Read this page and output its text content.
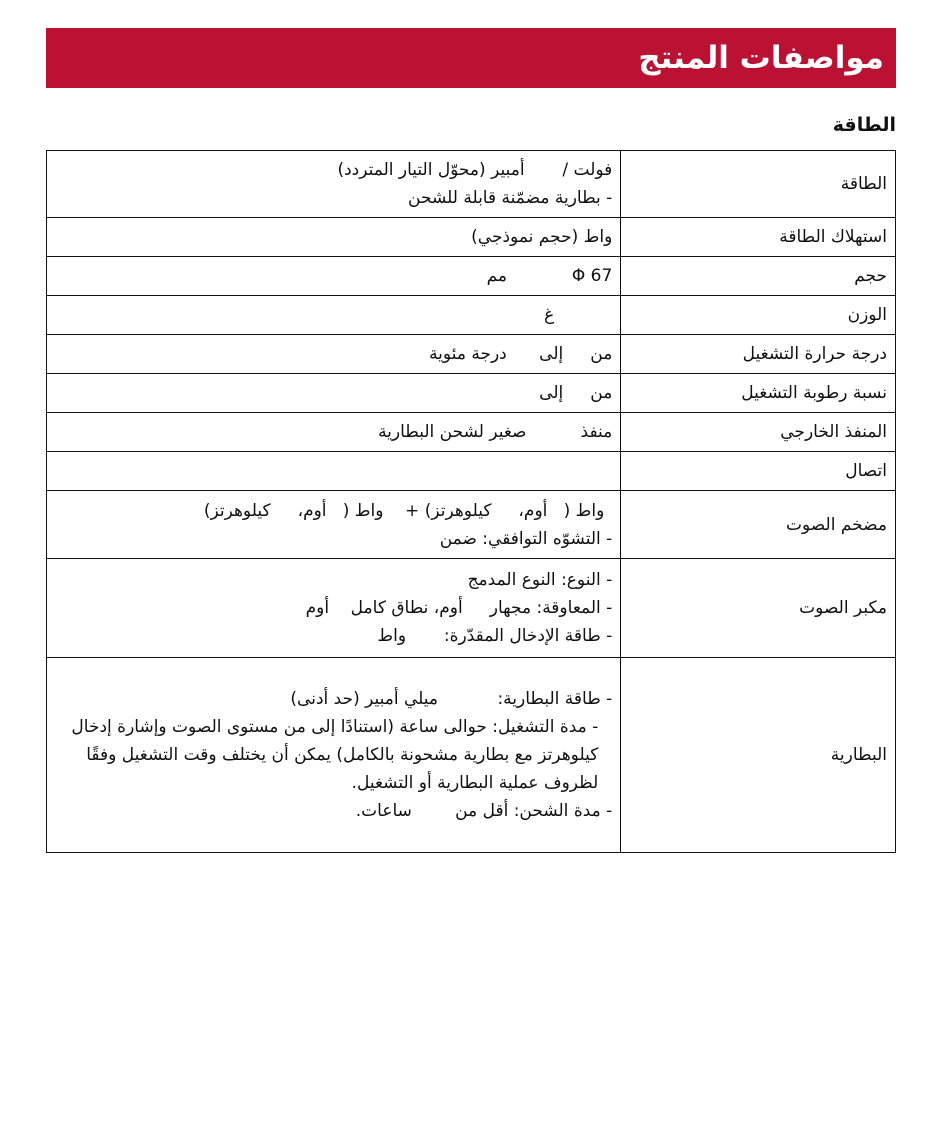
مواصفات المنتج
الطاقة
الطاقة	فولت /       أمبير (محوّل التيار المتردد)
- بطارية مضمّنة قابلة للشحن

استهلاك الطاقة	واط (حجم نموذجي)

حجم	67 Φ            مم

الوزن	غ

درجة حرارة التشغيل	من     إلى      درجة مئوية

نسبة رطوبة التشغيل	من     إلى

المنفذ الخارجي	منفذ          صغير لشحن البطارية

اتصال	

مضخم الصوت	واط (   أوم،     كيلوهرتز) +    واط (   أوم،     كيلوهرتز)
- التشوّه التوافقي: ضمن

مكبر الصوت	- النوع: النوع المدمج
- المعاوقة: مجهار     أوم، نطاق كامل    أوم
- طاقة الإدخال المقدّرة:       واط

البطارية	- طاقة البطارية:           ميلي أمبير (حد أدنى)
- مدة التشغيل: حوالى ساعة (استنادًا إلى من مستوى الصوت وإشارة إدخال كيلوهرتز مع بطارية مشحونة بالكامل) يمكن أن يختلف وقت التشغيل وفقًا لظروف عملية البطارية أو التشغيل.
- مدة الشحن: أقل من        ساعات.
